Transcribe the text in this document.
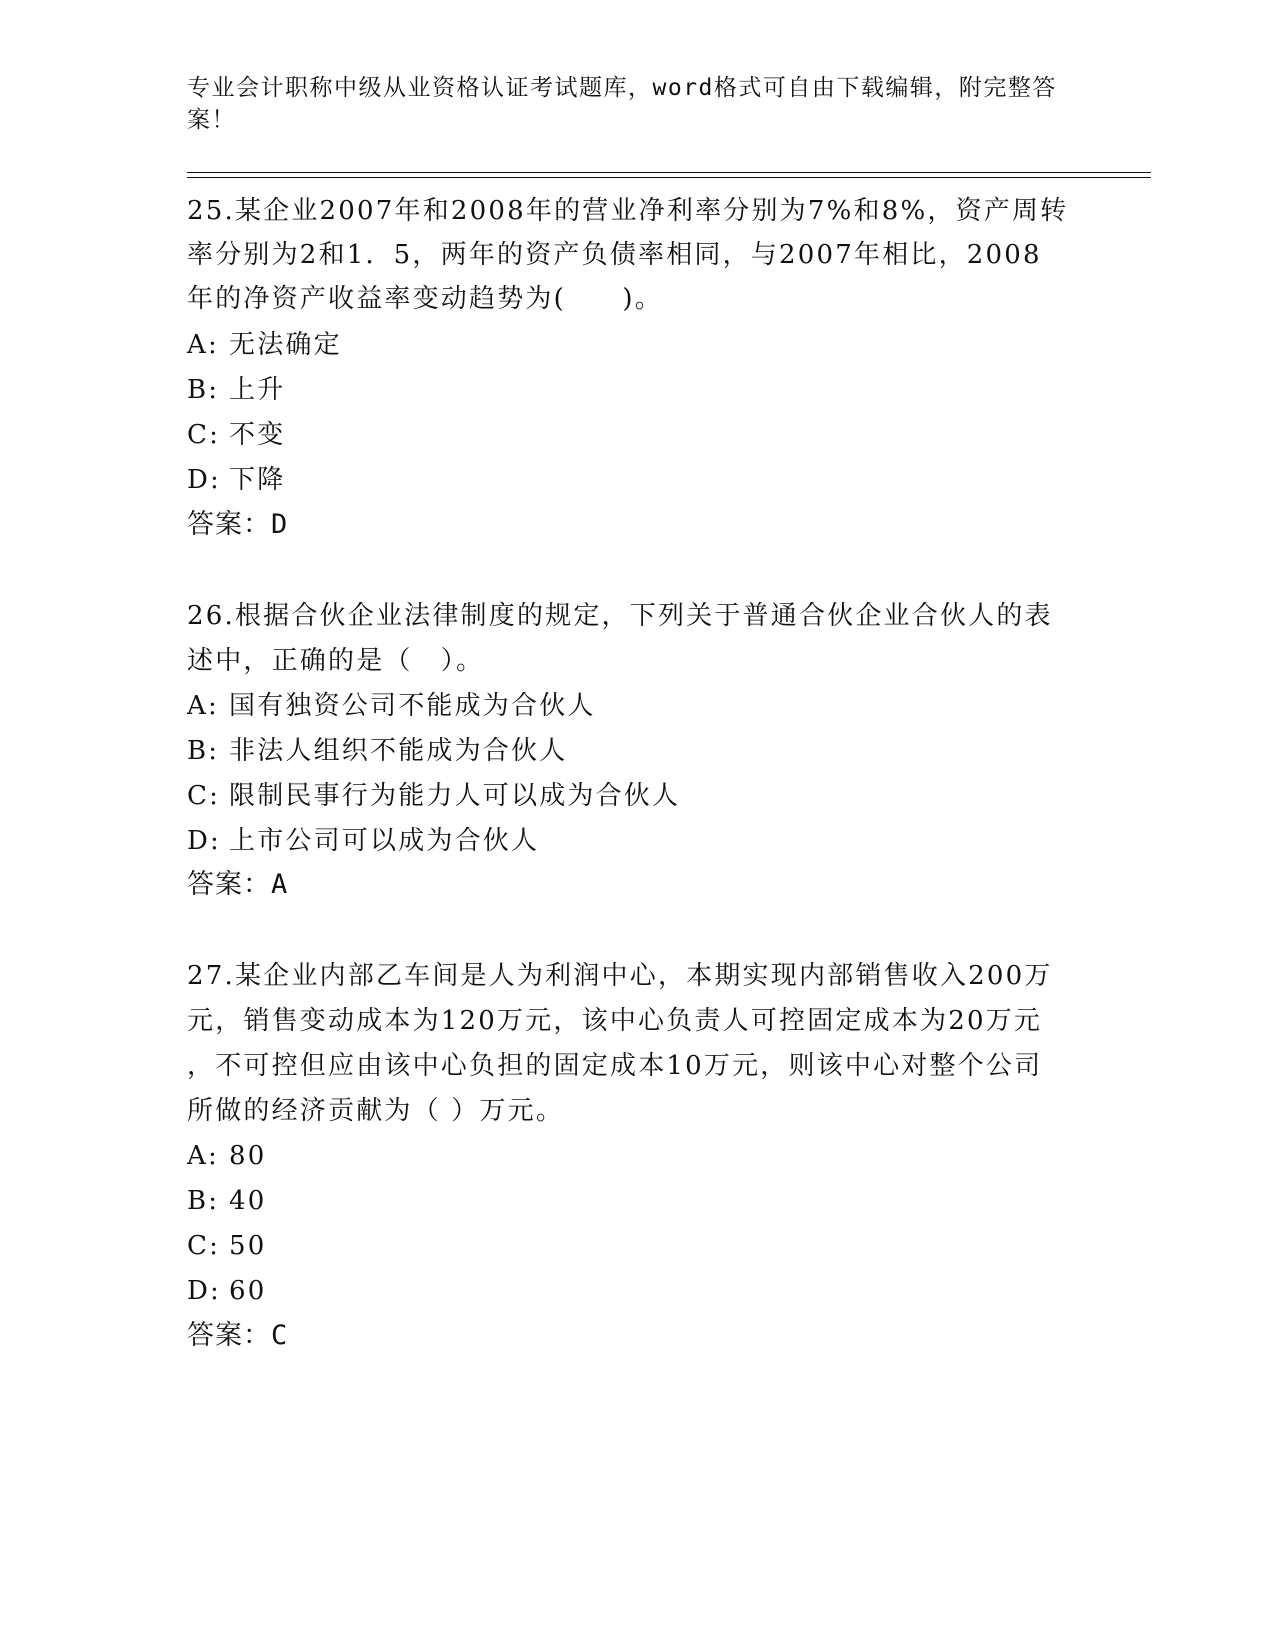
专业会计职称中级从业资格认证考试题库，word格式可自由下载编辑，附完整答
案！
25.某企业2007年和2008年的营业净利率分别为7%和8%，资产周转
率分别为2和1．5，两年的资产负债率相同，与2007年相比，2008
年的净资产收益率变动趋势为(　　)。
A: 无法确定
B: 上升
C: 不变
D: 下降
答案：D
26.根据合伙企业法律制度的规定，下列关于普通合伙企业合伙人的表
述中，正确的是（　）。
A: 国有独资公司不能成为合伙人
B: 非法人组织不能成为合伙人
C: 限制民事行为能力人可以成为合伙人
D: 上市公司可以成为合伙人
答案：A
27.某企业内部乙车间是人为利润中心，本期实现内部销售收入200万
元，销售变动成本为120万元，该中心负责人可控固定成本为20万元
，不可控但应由该中心负担的固定成本10万元，则该中心对整个公司
所做的经济贡献为（ ）万元。
A: 80
B: 40
C: 50
D: 60
答案：C
